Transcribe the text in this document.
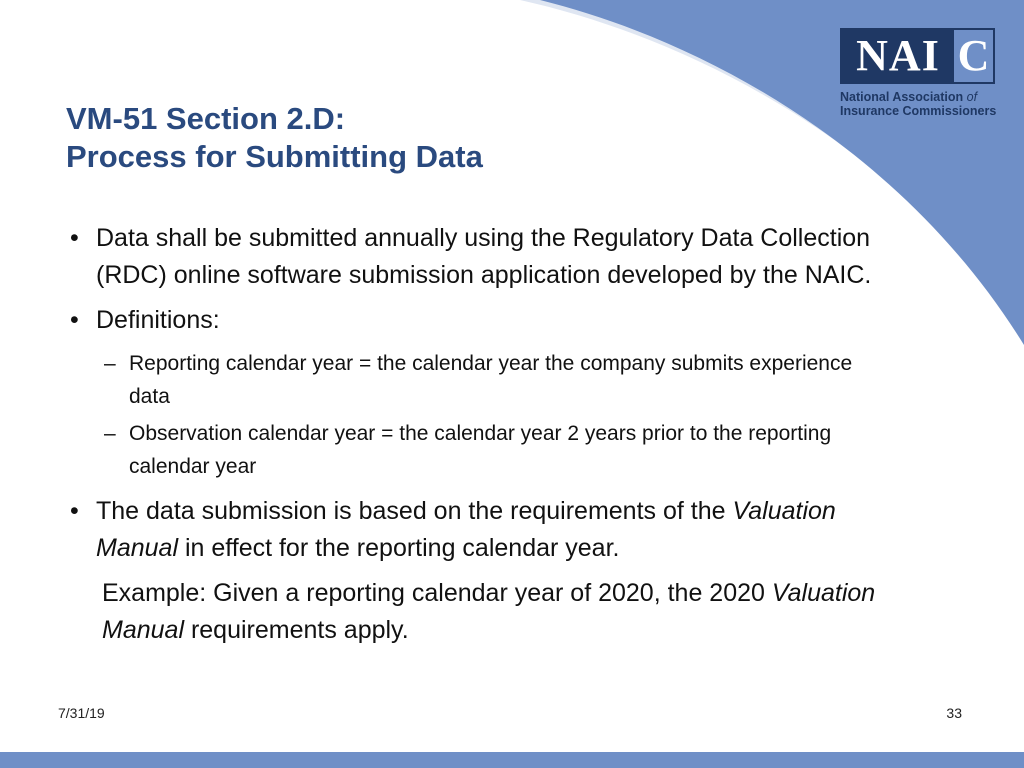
NAI C
National Association of
Insurance Commissioners
VM-51 Section 2.D:
Process for Submitting Data
• Data shall be submitted annually using the Regulatory Data Collection (RDC) online software submission application developed by the NAIC.
• Definitions:
– Reporting calendar year = the calendar year the company submits experience data
– Observation calendar year = the calendar year 2 years prior to the reporting calendar year
• The data submission is based on the requirements of the Valuation Manual in effect for the reporting calendar year.
Example: Given a reporting calendar year of 2020, the 2020 Valuation Manual requirements apply.
7/31/19	33
